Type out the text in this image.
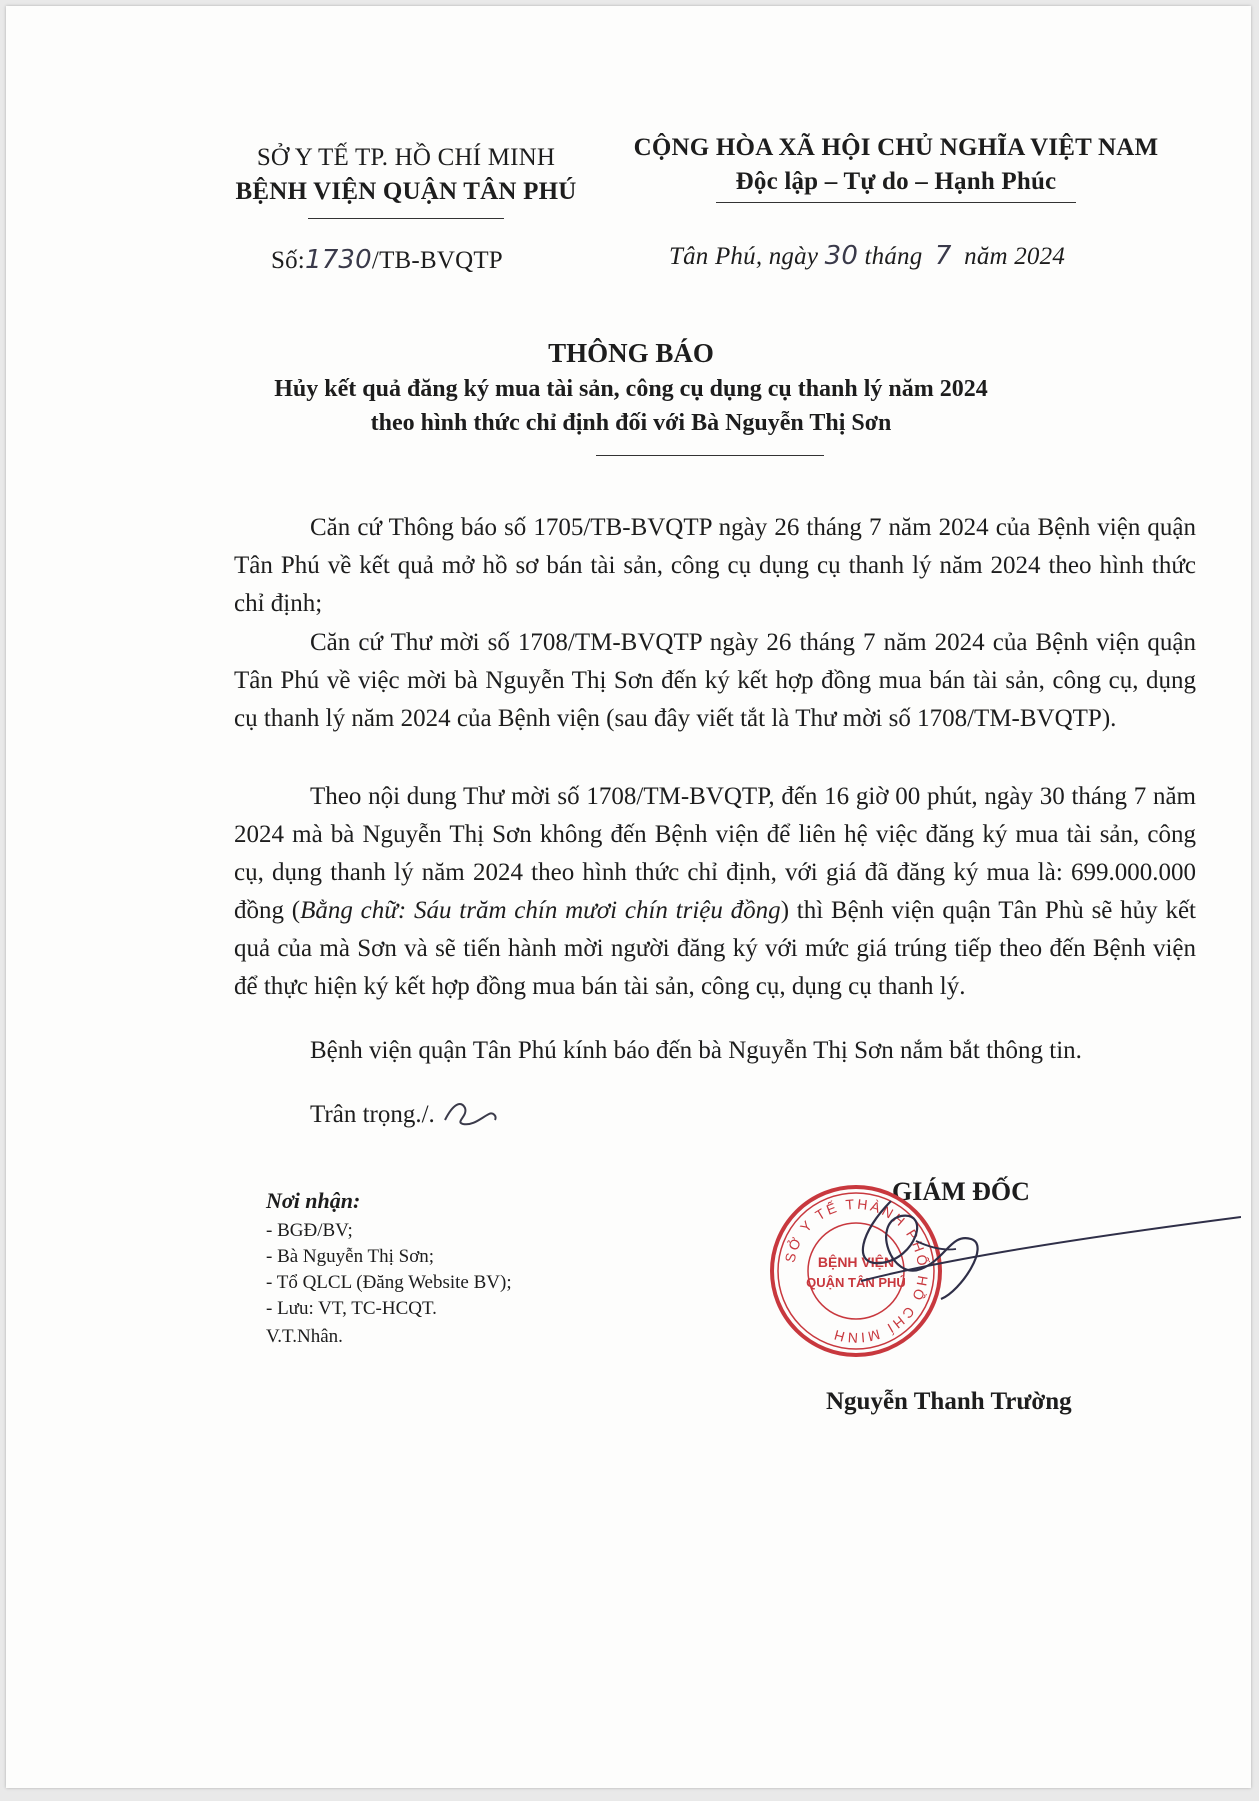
SỞ Y TẾ TP. HỒ CHÍ MINH
BỆNH VIỆN QUẬN TÂN PHÚ
Số:1730/TB-BVQTP
CỘNG HÒA XÃ HỘI CHỦ NGHĨA VIỆT NAM
Độc lập – Tự do – Hạnh Phúc
Tân Phú, ngày 30 tháng 7 năm 2024
THÔNG BÁO
Hủy kết quả đăng ký mua tài sản, công cụ dụng cụ thanh lý năm 2024
theo hình thức chỉ định đối với Bà Nguyễn Thị Sơn

Căn cứ Thông báo số 1705/TB-BVQTP ngày 26 tháng 7 năm 2024 của Bệnh viện quận Tân Phú về kết quả mở hồ sơ bán tài sản, công cụ dụng cụ thanh lý năm 2024 theo hình thức chỉ định;

Căn cứ Thư mời số 1708/TM-BVQTP ngày 26 tháng 7 năm 2024 của Bệnh viện quận Tân Phú về việc mời bà Nguyễn Thị Sơn đến ký kết hợp đồng mua bán tài sản, công cụ, dụng cụ thanh lý năm 2024 của Bệnh viện (sau đây viết tắt là Thư mời số 1708/TM-BVQTP).

Theo nội dung Thư mời số 1708/TM-BVQTP, đến 16 giờ 00 phút, ngày 30 tháng 7 năm 2024 mà bà Nguyễn Thị Sơn không đến Bệnh viện để liên hệ việc đăng ký mua tài sản, công cụ, dụng thanh lý năm 2024 theo hình thức chỉ định, với giá đã đăng ký mua là: 699.000.000 đồng (Bằng chữ: Sáu trăm chín mươi chín triệu đồng) thì Bệnh viện quận Tân Phù sẽ hủy kết quả của mà Sơn và sẽ tiến hành mời người đăng ký với mức giá trúng tiếp theo đến Bệnh viện để thực hiện ký kết hợp đồng mua bán tài sản, công cụ, dụng cụ thanh lý.

Bệnh viện quận Tân Phú kính báo đến bà Nguyễn Thị Sơn nắm bắt thông tin.

Trân trọng./.
Nơi nhận:
- BGĐ/BV;
- Bà Nguyễn Thị Sơn;
- Tổ QLCL (Đăng Website BV);
- Lưu: VT, TC-HCQT.
V.T.Nhân.
GIÁM ĐỐC
SỞ Y TẾ THÀNH PHỐ HỒ CHÍ MINH
BỆNH VIỆN
QUẬN TÂN PHÚ
Nguyễn Thanh Trường
